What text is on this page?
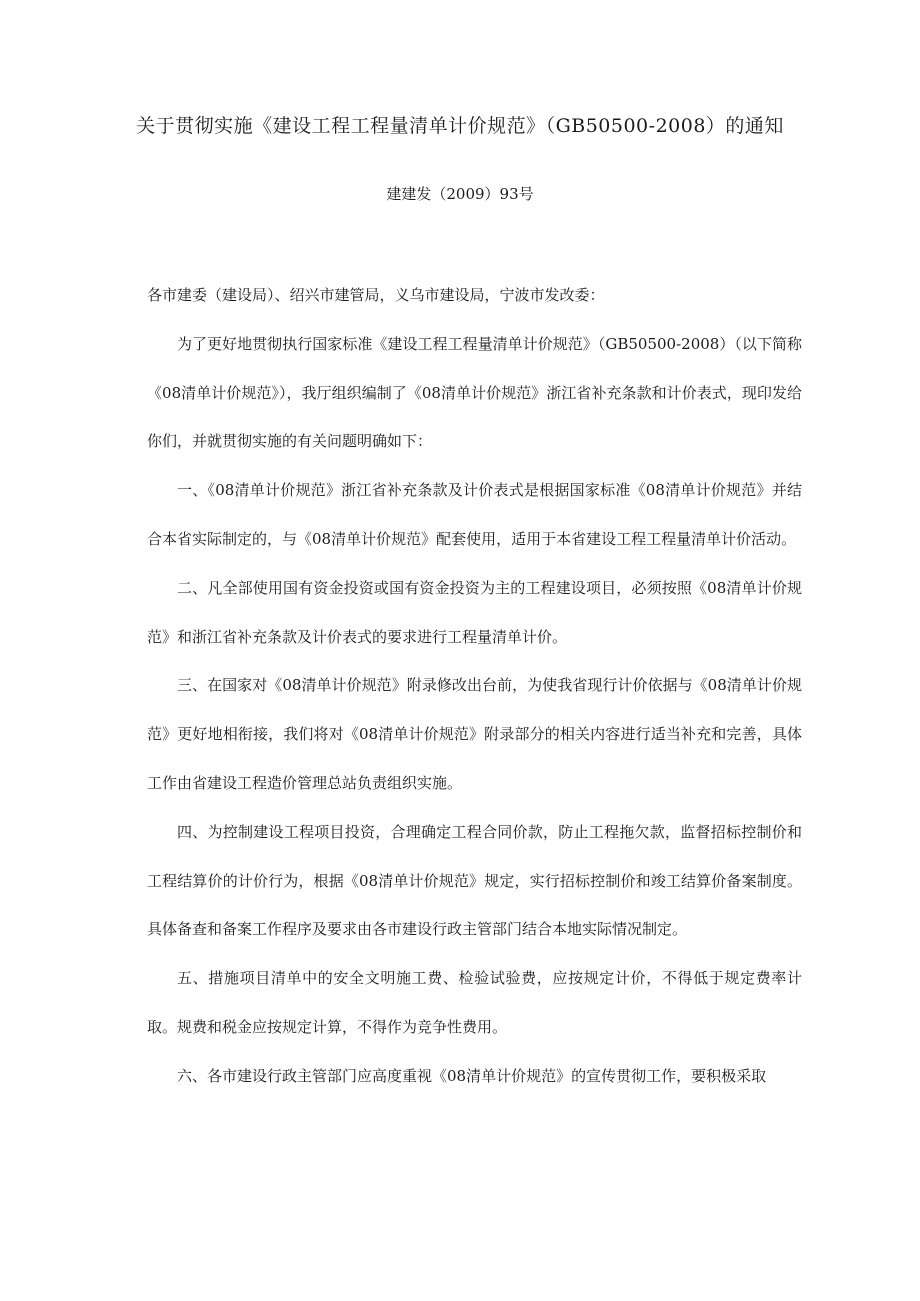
关于贯彻实施《建设工程工程量清单计价规范》（GB50500-2008）的通知
建建发（2009）93号

各市建委（建设局）、绍兴市建管局，义乌市建设局，宁波市发改委：

为了更好地贯彻执行国家标准《建设工程工程量清单计价规范》（GB50500-2008）（以下简称《08清单计价规范》），我厅组织编制了《08清单计价规范》浙江省补充条款和计价表式，现印发给你们，并就贯彻实施的有关问题明确如下：

一、《08清单计价规范》浙江省补充条款及计价表式是根据国家标准《08清单计价规范》并结合本省实际制定的，与《08清单计价规范》配套使用，适用于本省建设工程工程量清单计价活动。

二、凡全部使用国有资金投资或国有资金投资为主的工程建设项目，必须按照《08清单计价规范》和浙江省补充条款及计价表式的要求进行工程量清单计价。

三、在国家对《08清单计价规范》附录修改出台前，为使我省现行计价依据与《08清单计价规范》更好地相衔接，我们将对《08清单计价规范》附录部分的相关内容进行适当补充和完善，具体工作由省建设工程造价管理总站负责组织实施。

四、为控制建设工程项目投资，合理确定工程合同价款，防止工程拖欠款，监督招标控制价和工程结算价的计价行为，根据《08清单计价规范》规定，实行招标控制价和竣工结算价备案制度。具体备查和备案工作程序及要求由各市建设行政主管部门结合本地实际情况制定。

五、措施项目清单中的安全文明施工费、检验试验费，应按规定计价，不得低于规定费率计取。规费和税金应按规定计算，不得作为竞争性费用。

六、各市建设行政主管部门应高度重视《08清单计价规范》的宣传贯彻工作，要积极采取
